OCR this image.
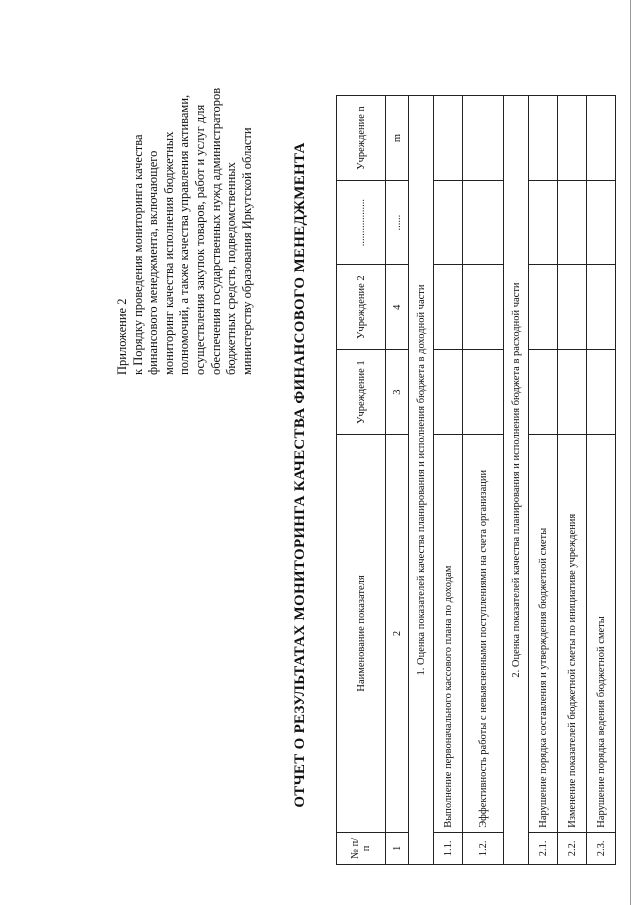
Приложение 2 к Порядку проведения мониторинга качества финансового менеджмента, включающего мониторинг качества исполнения бюджетных полномочий, а также качества управления активами, осуществления закупок товаров, работ и услуг для обеспечения государственных нужд администраторов бюджетных средств, подведомственных министерству образования Иркутской области	ОТЧЕТ О РЕЗУЛЬТАТАХ МОНИТОРИНГА КАЧЕСТВА ФИНАНСОВОГО МЕНЕДЖМЕНТА
№ п/п	Наименование показателя	Учреждение 1	Учреждение 2	..................	Учреждение n
1	2	3	4	......	m
1. Оценка показателей качества планирования и исполнения бюджета в доходной части					
1.1.	Выполнение первоначального кассового плана по доходам				
1.2.	Эффективность работы с невыясненными поступлениями на счета организации				
2. Оценка показателей качества планирования и исполнения бюджета в расходной части					
2.1.	Нарушение порядка составления и утверждения бюджетной сметы				
2.2.	Изменение показателей бюджетной сметы по инициативе учреждения				
2.3.	Нарушение порядка ведения бюджетной сметы				
